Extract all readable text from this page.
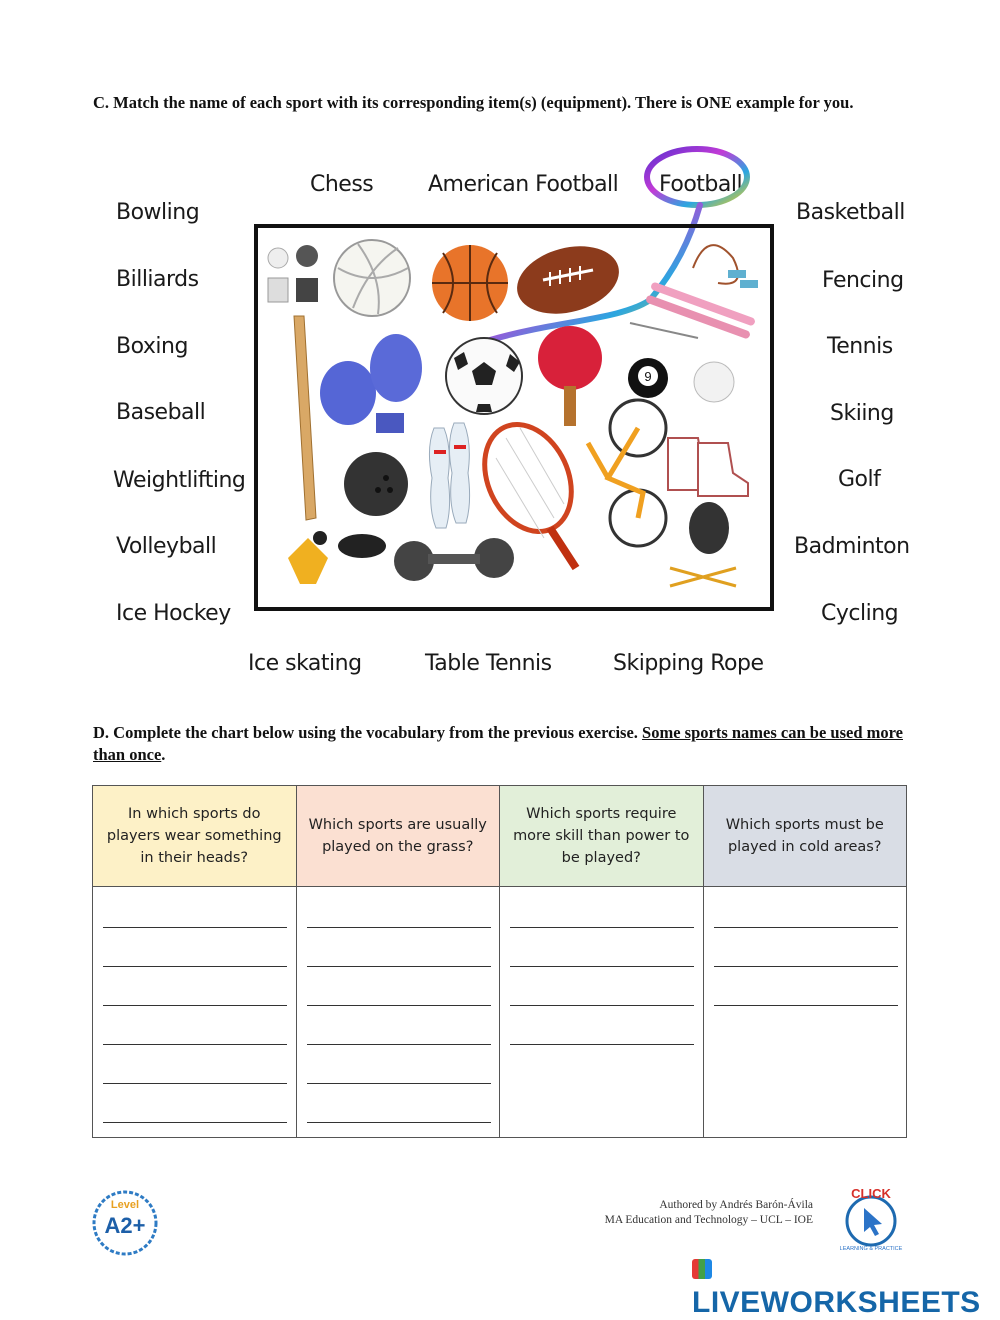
C. Match the name of each sport with its corresponding item(s) (equipment). There is ONE example for you.
Chess American Football Football
Bowling
Billiards
Boxing
Baseball
Weightlifting
Volleyball
Ice Hockey
Basketball
Fencing
Tennis
Skiing
Golf
Badminton
Cycling
Ice skating	Table Tennis	Skipping Rope
9
D. Complete the chart below using the vocabulary from the previous exercise. Some sports names can be used more than once.
In which sports do players wear something in their heads?	Which sports are usually played on the grass?	Which sports require more skill than power to be played?	Which sports must be played in cold areas?

Level
A2+
Authored by Andrés Barón-Ávila
MA Education and Technology – UCL – IOE
CLICK
LEARNING & PRACTICE
LIVEWORKSHEETS
